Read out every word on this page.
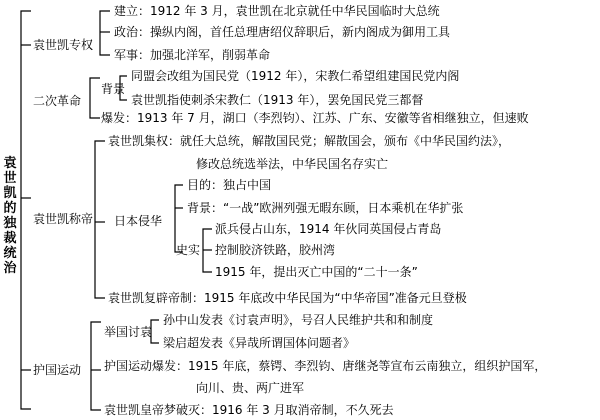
袁世凯的独裁统治
袁世凯专权
建立：1912 年 3 月，袁世凯在北京就任中华民国临时大总统
政治：操纵内阁，首任总理唐绍仪辞职后，新内阁成为御用工具
军事：加强北洋军，削弱革命
二次革命
背景
同盟会改组为国民党（1912 年），宋教仁希望组建国民党内阁
袁世凯指使刺杀宋教仁（1913 年），罢免国民党三都督
爆发：1913 年 7 月，湖口（李烈钧）、江苏、广东、安徽等省相继独立，但速败
袁世凯称帝
袁世凯集权：就任大总统，解散国民党；解散国会，颁布《中华民国约法》，
修改总统选举法，中华民国名存实亡
日本侵华
目的：独占中国
背景：“一战”欧洲列强无暇东顾，日本乘机在华扩张
史实
派兵侵占山东，1914 年伙同英国侵占青岛
控制胶济铁路，胶州湾
1915 年，提出灭亡中国的“二十一条”
袁世凯复辟帝制：1915 年底改中华民国为“中华帝国”准备元旦登极
护国运动
举国讨袁
孙中山发表《讨袁声明》，号召人民维护共和和制度
梁启超发表《异哉所谓国体问题者》
护国运动爆发：1915 年底，蔡锷、李烈钧、唐继尧等宣布云南独立，组织护国军，
向川、贵、两广进军
袁世凯皇帝梦破灭：1916 年 3 月取消帝制，不久死去
